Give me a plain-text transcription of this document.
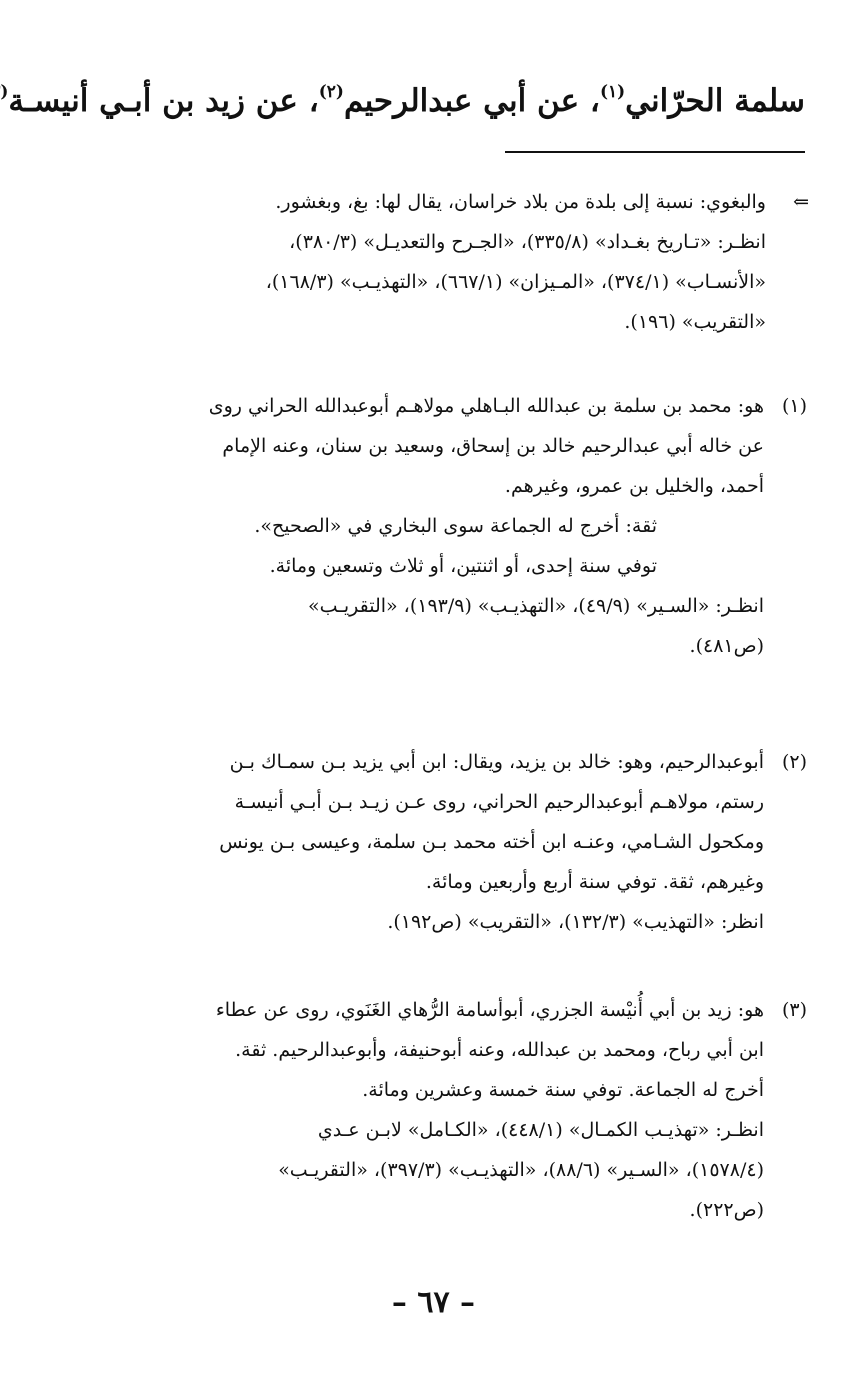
سلمة الحرّاني$^{(١)}$، عن أبي عبدالرحيم$^{(٢)}$، عن زيد بن أبـي أنيسـة(
⇐

والبغوي: نسبة إلى بلدة من بلاد خراسان، يقال لها: بغ، وبغشور.

انظـر: «تـاريخ بغـداد» (٣٣٥/٨)، «الجـرح والتعديـل» (٣٨٠/٣)،

«الأنسـاب» (٣٧٤/١)، «المـيزان» (٦٦٧/١)، «التهذيـب» (١٦٨/٣)،

«التقريب» (١٩٦).

(١)

هو: محمد بن سلمة بن عبدالله البـاهلي مولاهـم أبوعبدالله الحراني روى

عن خاله أبي عبدالرحيم خالد بن إسحاق، وسعيد بن سنان، وعنه الإمام

أحمد، والخليل بن عمرو، وغيرهم.

ثقة: أخرج له الجماعة سوى البخاري في «الصحيح».

توفي سنة إحدى، أو اثنتين، أو ثلاث وتسعين ومائة.

انظـر: «السـير» (٤٩/٩)، «التهذيـب» (١٩٣/٩)، «التقريـب»

(ص٤٨١).

(٢)

أبوعبدالرحيم، وهو: خالد بن يزيد، ويقال: ابن أبي يزيد بـن سمـاك بـن

رستم، مولاهـم أبوعبدالرحيم الحراني، روى عـن زيـد بـن أبـي أنيسـة

ومكحول الشـامي، وعنـه ابن أخته محمد بـن سلمة، وعيسى بـن يونس

وغيرهم، ثقة. توفي سنة أربع وأربعين ومائة.

انظر: «التهذيب» (١٣٢/٣)، «التقريب» (ص١٩٢).

(٣)

هو: زيد بن أبي أُنيْسة الجزري، أبوأسامة الرُّهاي الغَنَوي، روى عن عطاء

ابن أبي رباح، ومحمد بن عبدالله، وعنه أبوحنيفة، وأبوعبدالرحيم. ثقة.

أخرج له الجماعة. توفي سنة خمسة وعشرين ومائة.

انظـر: «تهذيـب الكمـال» (٤٤٨/١)، «الكـامل» لابـن عـدي

(١٥٧٨/٤)، «السـير» (٨٨/٦)، «التهذيـب» (٣٩٧/٣)، «التقريـب»

(ص٢٢٢).

– ٦٧ –
